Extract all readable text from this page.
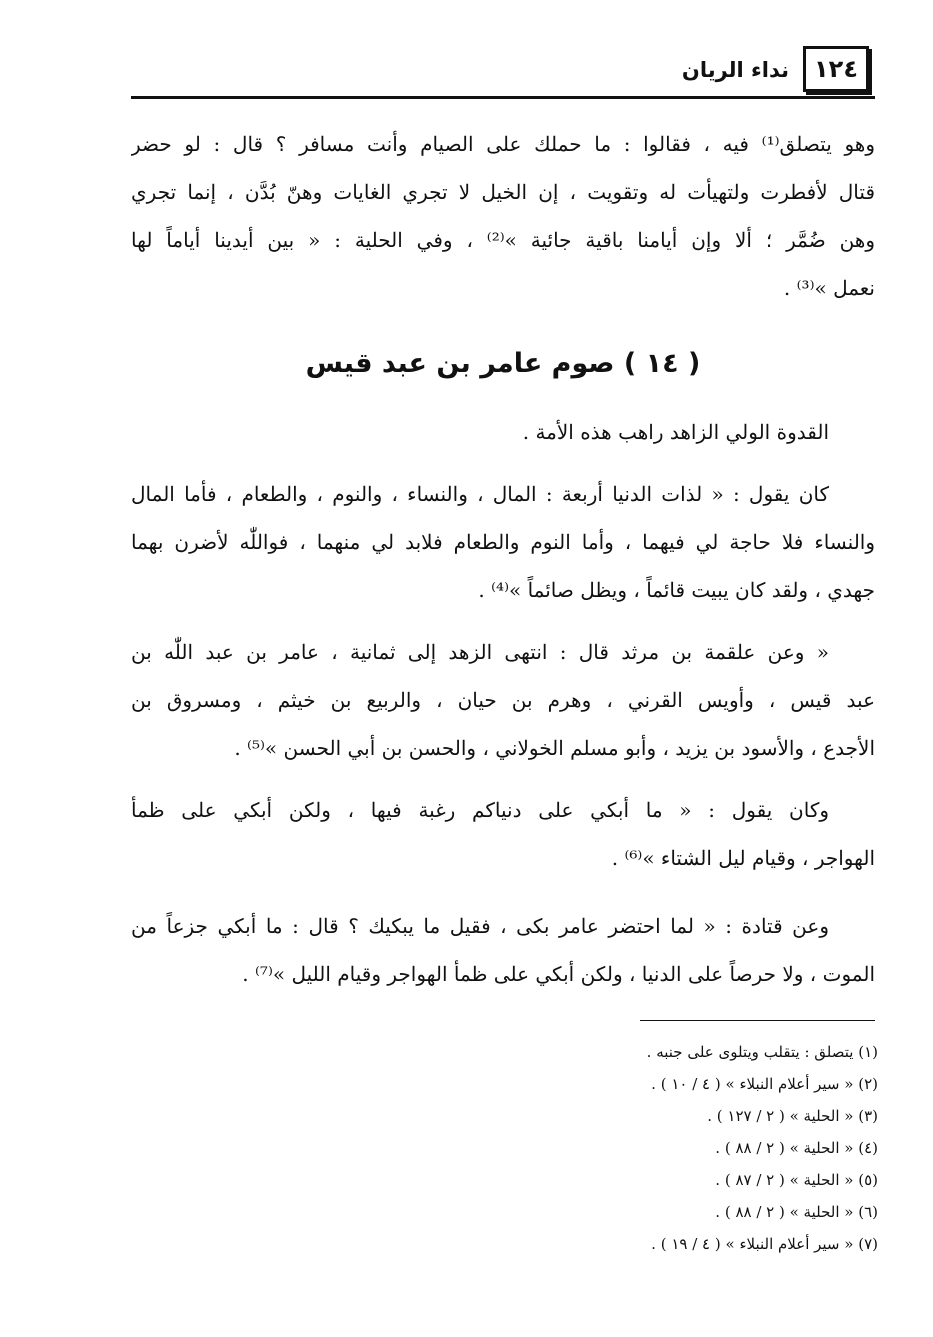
١٢٤
نداء الريان
وهو يتصلق⁽¹⁾ فيه ، فقالوا : ما حملك على الصيام وأنت مسافر ؟ قال : لو حضر
قتال لأفطرت ولتهيأت له وتقويت ، إن الخيل لا تجري الغايات وهنّ بُدَّن ، إنما تجري
وهن ضُمَّر ؛ ألا وإن أيامنا باقية جائية »⁽²⁾ ، وفي الحلية : « بين أيدينا أياماً لها
نعمل »⁽³⁾ .
( ١٤ ) صوم عامر بن عبد قيس
القدوة الولي الزاهد راهب هذه الأمة .
كان يقول : « لذات الدنيا أربعة : المال ، والنساء ، والنوم ، والطعام ، فأما المال
والنساء فلا حاجة لي فيهما ، وأما النوم والطعام فلابد لي منهما ، فواللّٰه لأضرن بهما
جهدي ، ولقد كان يبيت قائماً ، ويظل صائماً »⁽⁴⁾ .
« وعن علقمة بن مرثد قال : انتهى الزهد إلى ثمانية ، عامر بن عبد اللّٰه بن
عبد قيس ، وأويس القرني ، وهرم بن حيان ، والربيع بن خيثم ، ومسروق بن
الأجدع ، والأسود بن يزيد ، وأبو مسلم الخولاني ، والحسن بن أبي الحسن »⁽⁵⁾ .
وكان يقول : « ما أبكي على دنياكم رغبة فيها ، ولكن أبكي على ظمأ
الهواجر ، وقيام ليل الشتاء »⁽⁶⁾ .
وعن قتادة : « لما احتضر عامر بكى ، فقيل ما يبكيك ؟ قال : ما أبكي جزعاً من
الموت ، ولا حرصاً على الدنيا ، ولكن أبكي على ظمأ الهواجر وقيام الليل »⁽⁷⁾ .
(١) يتصلق : يتقلب ويتلوى على جنبه .
(٢) « سير أعلام النبلاء » ( ٤ / ١٠ ) .
(٣) « الحلية » ( ٢ / ١٢٧ ) .
(٤) « الحلية » ( ٢ / ٨٨ ) .
(٥) « الحلية » ( ٢ / ٨٧ ) .
(٦) « الحلية » ( ٢ / ٨٨ ) .
(٧) « سير أعلام النبلاء » ( ٤ / ١٩ ) .
